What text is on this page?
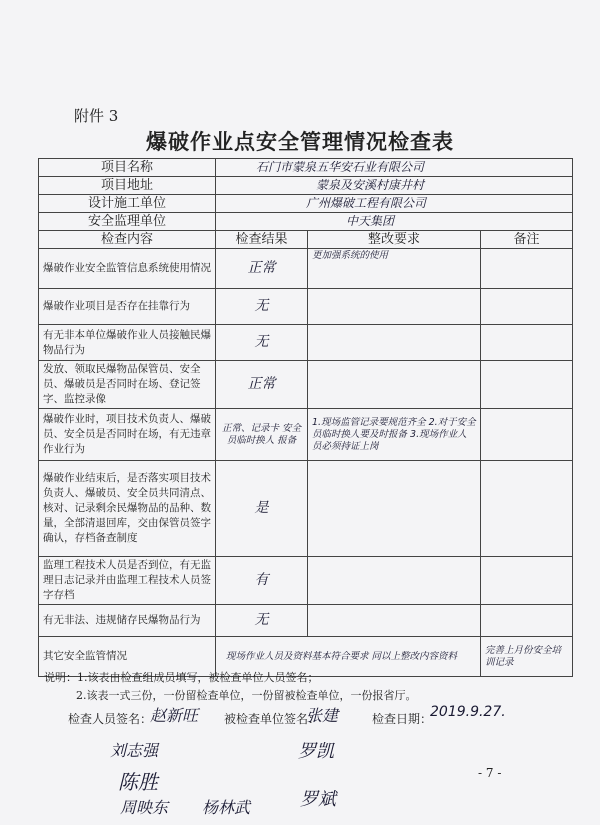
附件 3
爆破作业点安全管理情况检查表
项目名称	石门市蒙泉五华安石业有限公司		
项目地址	蒙泉及安溪村康井村		
设计施工单位	广州爆破工程有限公司		
安全监理单位	中天集团		
检查内容	检查结果	整改要求	备注
爆破作业安全监管信息系统使用情况	正常	更加强系统的使用	
爆破作业项目是否存在挂靠行为	无		
有无非本单位爆破作业人员接触民爆物品行为	无		
发放、领取民爆物品保管员、安全员、爆破员是否同时在场、登记签字、监控录像	正常		
爆破作业时，项目技术负责人、爆破员、安全员是否同时在场，有无违章作业行为	正常、记录卡 安全员临时换人 报备	1.现场监管记录要规范齐全 2.对于安全员临时换人要及时报备 3.现场作业人员必须持证上岗	
爆破作业结束后，是否落实项目技术负责人、爆破员、安全员共同清点、核对、记录剩余民爆物品的品种、数量，全部清退回库，交由保管员签字确认，存档备查制度	是		
监理工程技术人员是否到位，有无监理日志记录并由监理工程技术人员签字存档	有		
有无非法、违规储存民爆物品行为	无		
其它安全监管情况	现场作业人员及资料基本符合要求 同以上整改内容资料		完善上月份安全培训记录
说明：1.该表由检查组成员填写，被检查单位人员签名；
2.该表一式三份，一份留检查单位，一份留被检查单位，一份报省厅。
检查人员签名：
赵新旺 被检查单位签名：
张建	检查日期：
2019.9.27.
刘志强
陈胜
周映东 杨林武
罗凯
罗斌
- 7 -
